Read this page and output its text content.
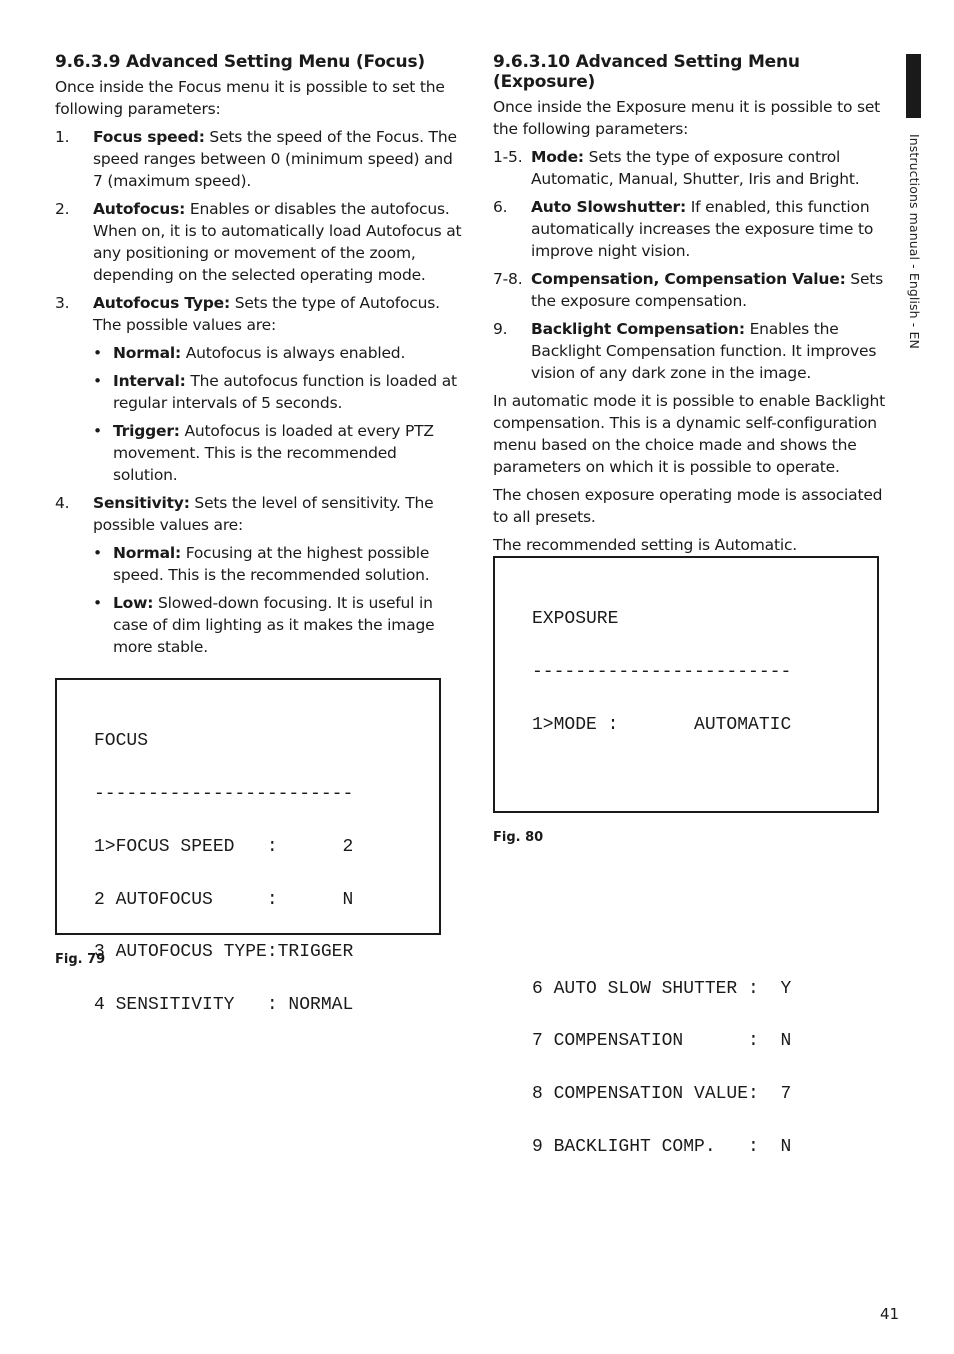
9.6.3.9 Advanced Setting Menu (Focus)

Once inside the Focus menu it is possible to set the following parameters:

1. Focus speed: Sets the speed of the Focus. The speed ranges between 0 (minimum speed) and 7 (maximum speed).
2. Autofocus: Enables or disables the autofocus. When on, it is to automatically load Autofocus at any positioning or movement of the zoom, depending on the selected operating mode.
3. Autofocus Type: Sets the type of Autofocus. The possible values are:
• Normal: Autofocus is always enabled.
• Interval: The autofocus function is loaded at regular intervals of 5 seconds.
• Trigger: Autofocus is loaded at every PTZ movement. This is the recommended solution.
4. Sensitivity: Sets the level of sensitivity. The possible values are:
• Normal: Focusing at the highest possible speed. This is the recommended solution.
• Low: Slowed-down focusing. It is useful in case of dim lighting as it makes the image more stable.

FOCUS

------------------------

1>FOCUS SPEED   :      2

2 AUTOFOCUS     :      N

3 AUTOFOCUS TYPE:TRIGGER

4 SENSITIVITY   : NORMAL

Fig. 79
9.6.3.10 Advanced Setting Menu (Exposure)

Once inside the Exposure menu it is possible to set the following parameters:

1-5. Mode: Sets the type of exposure control Automatic, Manual, Shutter, Iris and Bright.
6. Auto Slowshutter: If enabled, this function automatically increases the exposure time to improve night vision.
7-8. Compensation, Compensation Value: Sets the exposure compensation.
9. Backlight Compensation: Enables the Backlight Compensation function. It improves vision of any dark zone in the image.

In automatic mode it is possible to enable Backlight compensation. This is a dynamic self-configuration menu based on the choice made and shows the parameters on which it is possible to operate.

The chosen exposure operating mode is associated to all presets.

The recommended setting is Automatic.

EXPOSURE

------------------------

1>MODE :       AUTOMATIC

6 AUTO SLOW SHUTTER :  Y

7 COMPENSATION      :  N

8 COMPENSATION VALUE:  7

9 BACKLIGHT COMP.   :  N

Fig. 80
Instructions manual - English - EN
41
